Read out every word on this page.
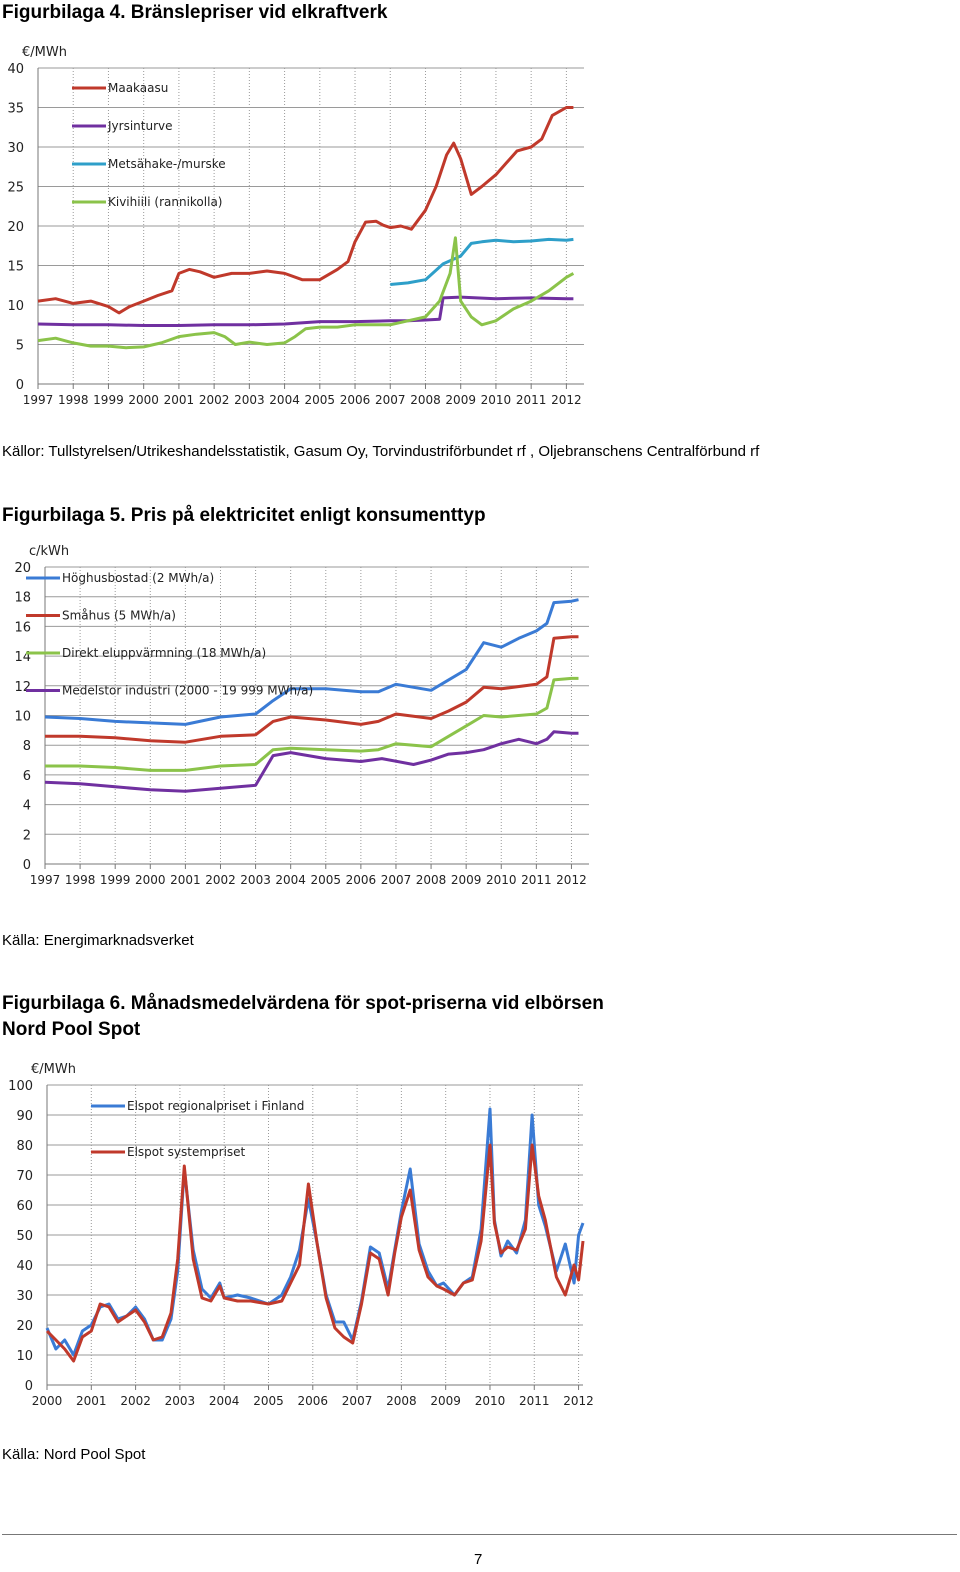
Figurbilaga 4. Bränslepriser vid elkraftverk
0
5
10
15
20
25
30
35
40
1997 1998 1999 2000 2001 2002 2003 2004 2005 2006 2007 2008 2009 2010 2011 2012
€/MWh
Maakaasu
Jyrsinturve
Metsähake-/murske
Kivihiili (rannikolla)

Källor: Tullstyrelsen/Utrikeshandelsstatistik, Gasum Oy, Torvindustriförbundet rf , Oljebranschens Centralförbund rf

Figurbilaga 5. Pris på elektricitet enligt konsumenttyp
0
2
4
6
8
10
12
14
16
18
20
1997 1998 1999 2000 2001 2002 2003 2004 2005 2006 2007 2008 2009 2010 2011 2012
c/kWh
Höghusbostad (2 MWh/a)
Småhus (5 MWh/a)
Direkt eluppvärmning (18 MWh/a)
Medelstor industri (2000 - 19 999 MWh/a)

Källa: Energimarknadsverket

Figurbilaga 6. Månadsmedelvärdena för spot-priserna vid elbörsen
Nord Pool Spot
0
10
20
30
40
50
60
70
80
90
100
2000 2001 2002 2003 2004 2005 2006 2007 2008 2009 2010 2011 2012
€/MWh
Elspot regionalpriset i Finland
Elspot systempriset

Källa: Nord Pool Spot

7
